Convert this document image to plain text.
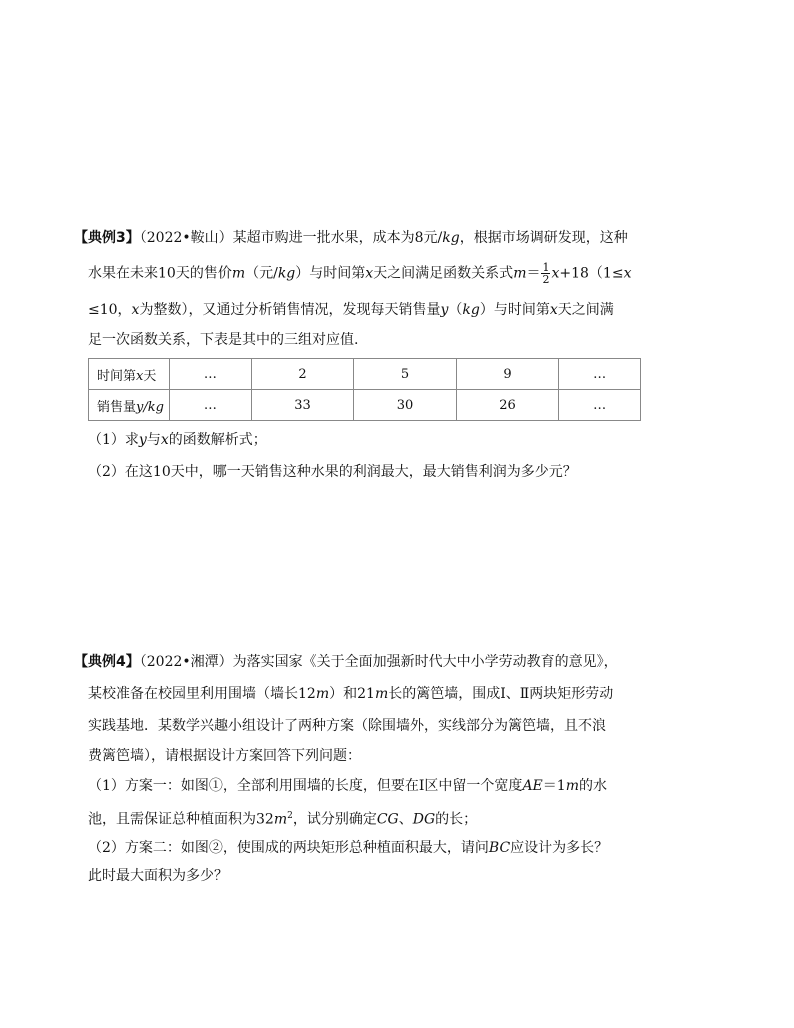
【典例3】（2022•鞍山）某超市购进一批水果，成本为8元/kg，根据市场调研发现，这种
水果在未来10天的售价m（元/kg）与时间第x天之间满足函数关系式$m= \frac{1}{2} x+18(1\le x$
≤10，x为整数），又通过分析销售情况，发现每天销售量y（kg）与时间第x天之间满
足一次函数关系，下表是其中的三组对应值.
时间第x天	…	2	5	9	…
销售量y/kg	…	33	30	26	…
（1）求y与x的函数解析式；
（2）在这10天中，哪一天销售这种水果的利润最大，最大销售利润为多少元？
【典例4】（2022•湘潭）为落实国家《关于全面加强新时代大中小学劳动教育的意见》，
某校准备在校园里利用围墙（墙长12m）和21m长的篱笆墙，围成Ⅰ、Ⅱ两块矩形劳动
实践基地．某数学兴趣小组设计了两种方案（除围墙外，实线部分为篱笆墙，且不浪
费篱笆墙），请根据设计方案回答下列问题：
（1）方案一：如图①，全部利用围墙的长度，但要在Ⅰ区中留一个宽度AE＝1m的水
池，且需保证总种植面积为$32m^2$，试分别确定CG、DG的长；
（2）方案二：如图②，使围成的两块矩形总种植面积最大，请问BC应设计为多长？
此时最大面积为多少？
